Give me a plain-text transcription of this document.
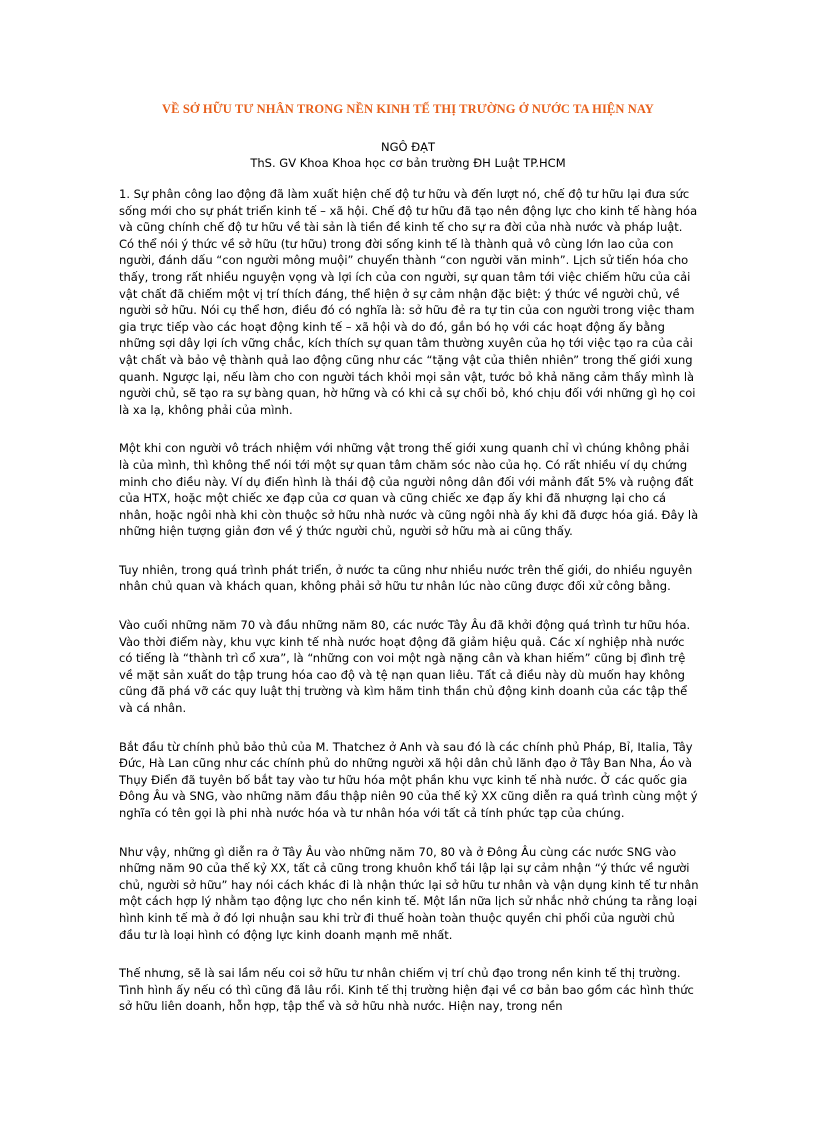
VỀ SỞ HỮU TƯ NHÂN TRONG NỀN KINH TẾ THỊ TRƯỜNG Ở NƯỚC TA HIỆN NAY
NGÔ ĐẠT
ThS. GV Khoa Khoa học cơ bản trường ĐH Luật TP.HCM

1. Sự phân công lao động đã làm xuất hiện chế độ tư hữu và đến lượt nó, chế độ tư hữu lại đưa sức sống mới cho sự phát triển kinh tế – xã hội. Chế độ tư hữu đã tạo nên động lực cho kinh tế hàng hóa và cũng chính chế độ tư hữu về tài sản là tiền đề kinh tế cho sự ra đời của nhà nước và pháp luật. Có thể nói ý thức về sở hữu (tư hữu) trong đời sống kinh tế là thành quả vô cùng lớn lao của con người, đánh dấu “con người mông muội” chuyển thành “con người văn minh”. Lịch sử tiến hóa cho thấy, trong rất nhiều nguyện vọng và lợi ích của con người, sự quan tâm tới việc chiếm hữu của cải vật chất đã chiếm một vị trí thích đáng, thể hiện ở sự cảm nhận đặc biệt: ý thức về người chủ, về người sở hữu. Nói cụ thể hơn, điều đó có nghĩa là: sở hữu đẻ ra tự tin của con người trong việc tham gia trực tiếp vào các hoạt động kinh tế – xã hội và do đó, gắn bó họ với các hoạt động ấy bằng những sợi dây lợi ích vững chắc, kích thích sự quan tâm thường xuyên của họ tới việc tạo ra của cải vật chất và bảo vệ thành quả lao động cũng như các “tặng vật của thiên nhiên” trong thế giới xung quanh. Ngược lại, nếu làm cho con người tách khỏi mọi sản vật, tước bỏ khả năng cảm thấy mình là người chủ, sẽ tạo ra sự bàng quan, hờ hững và có khi cả sự chối bỏ, khó chịu đối với những gì họ coi là xa lạ, không phải của mình.

Một khi con người vô trách nhiệm với những vật trong thế giới xung quanh chỉ vì chúng không phải là của mình, thì không thể nói tới một sự quan tâm chăm sóc nào của họ. Có rất nhiều ví dụ chứng minh cho điều này. Ví dụ điển hình là thái độ của người nông dân đối với mảnh đất 5% và ruộng đất của HTX, hoặc một chiếc xe đạp của cơ quan và cũng chiếc xe đạp ấy khi đã nhượng lại cho cá nhân, hoặc ngôi nhà khi còn thuộc sở hữu nhà nước và cũng ngôi nhà ấy khi đã được hóa giá. Đây là những hiện tượng giản đơn về ý thức người chủ, người sở hữu mà ai cũng thấy.

Tuy nhiên, trong quá trình phát triển, ở nước ta cũng như nhiều nước trên thế giới, do nhiều nguyên nhân chủ quan và khách quan, không phải sở hữu tư nhân lúc nào cũng được đối xử công bằng.

Vào cuối những năm 70 và đầu những năm 80, các nước Tây Âu đã khởi động quá trình tư hữu hóa. Vào thời điểm này, khu vực kinh tế nhà nước hoạt động đã giảm hiệu quả. Các xí nghiệp nhà nước có tiếng là “thành trì cổ xưa”, là “những con voi một ngà nặng cân và khan hiếm” cũng bị đình trệ về mặt sản xuất do tập trung hóa cao độ và tệ nạn quan liêu. Tất cả điều này dù muốn hay không cũng đã phá vỡ các quy luật thị trường và kìm hãm tinh thần chủ động kinh doanh của các tập thể và cá nhân.

Bắt đầu từ chính phủ bảo thủ của M. Thatchez ở Anh và sau đó là các chính phủ Pháp, Bỉ, Italia, Tây Đức, Hà Lan cũng như các chính phủ do những người xã hội dân chủ lãnh đạo ở Tây Ban Nha, Áo và Thụy Điển đã tuyên bố bắt tay vào tư hữu hóa một phần khu vực kinh tế nhà nước. Ở các quốc gia Đông Âu và SNG, vào những năm đầu thập niên 90 của thế kỷ XX cũng diễn ra quá trình cùng một ý nghĩa có tên gọi là phi nhà nước hóa và tư nhân hóa với tất cả tính phức tạp của chúng.

Như vậy, những gì diễn ra ở Tây Âu vào những năm 70, 80 và ở Đông Âu cùng các nước SNG vào những năm 90 của thế kỷ XX, tất cả cũng trong khuôn khổ tái lập lại sự cảm nhận “ý thức về người chủ, người sở hữu” hay nói cách khác đi là nhận thức lại sở hữu tư nhân và vận dụng kinh tế tư nhân một cách hợp lý nhằm tạo động lực cho nền kinh tế. Một lần nữa lịch sử nhắc nhở chúng ta rằng loại hình kinh tế mà ở đó lợi nhuận sau khi trừ đi thuế hoàn toàn thuộc quyền chi phối của người chủ đầu tư là loại hình có động lực kinh doanh mạnh mẽ nhất.

Thế nhưng, sẽ là sai lầm nếu coi sở hữu tư nhân chiếm vị trí chủ đạo trong nền kinh tế thị trường. Tình hình ấy nếu có thì cũng đã lâu rồi. Kinh tế thị trường hiện đại về cơ bản bao gồm các hình thức sở hữu liên doanh, hỗn hợp, tập thể và sở hữu nhà nước. Hiện nay, trong nền
